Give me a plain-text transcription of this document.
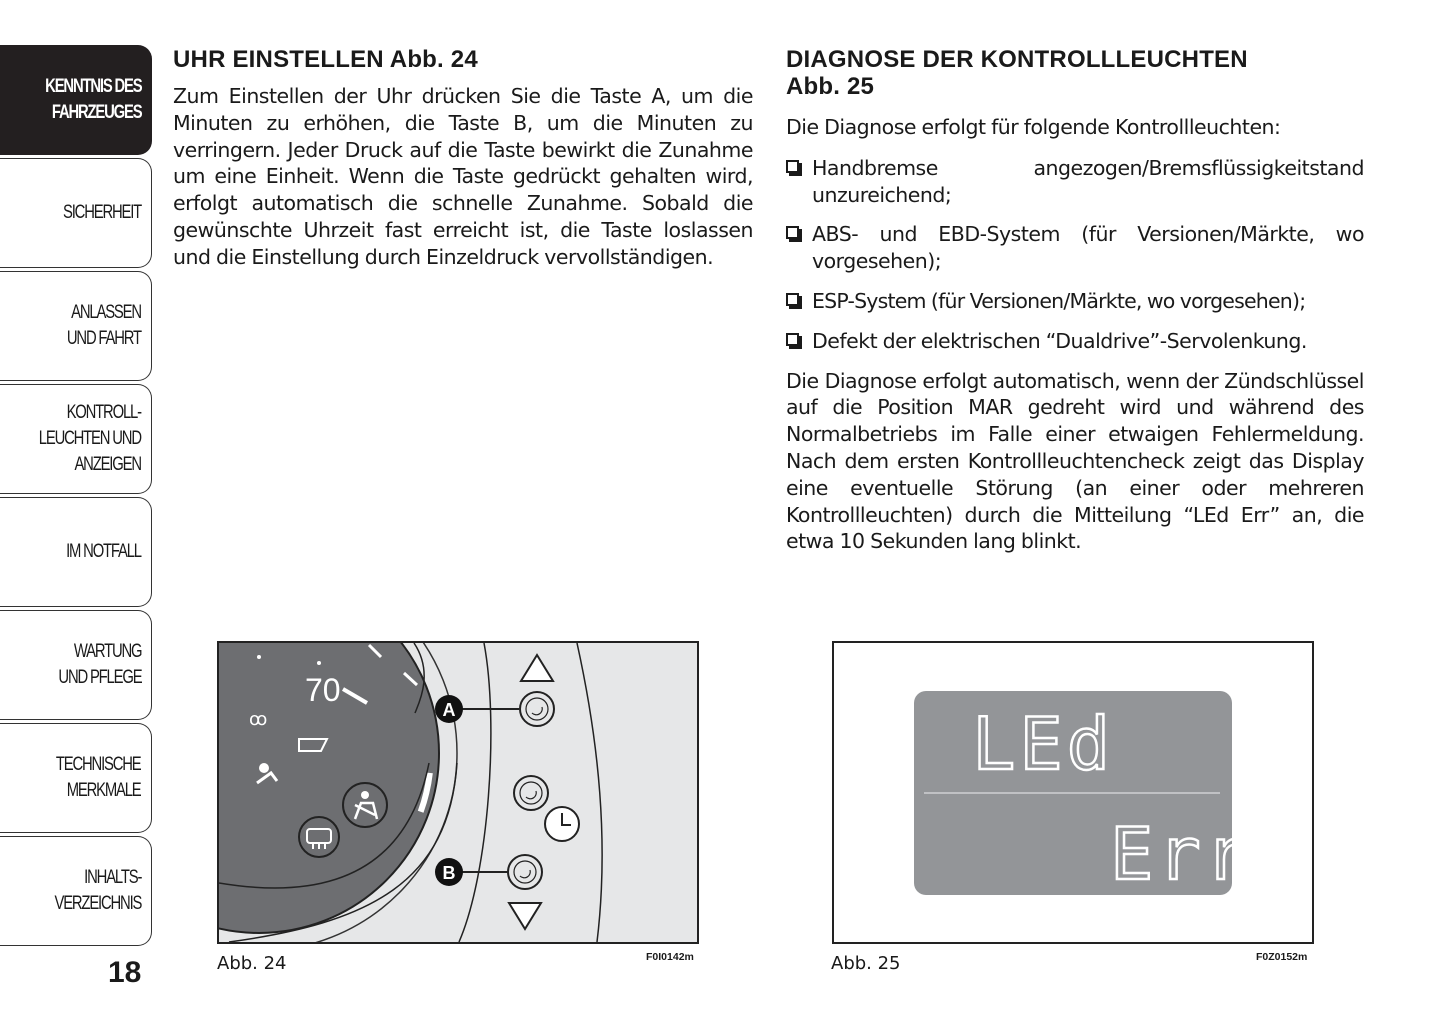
KENNTNIS DES
FAHRZEUGES
SICHERHEIT
ANLASSEN
UND FAHRT
KONTROLL-
LEUCHTEN UND
ANZEIGEN
IM NOTFALL
WARTUNG
UND PFLEGE
TECHNISCHE
MERKMALE
INHALTS-
VERZEICHNIS
18
UHR EINSTELLEN Abb. 24

Zum Einstellen der Uhr drücken Sie die Taste A, um die Minuten zu erhöhen, die Taste B, um die Minuten zu verringern. Jeder Druck auf die Taste bewirkt die Zunahme um eine Einheit. Wenn die Taste gedrückt gehalten wird, erfolgt automatisch die schnelle Zunahme. Sobald die gewünschte Uhrzeit fast erreicht ist, die Taste loslassen und die Einstellung durch Einzeldruck vervollständigen.

DIAGNOSE DER KONTROLLLEUCHTEN Abb. 25

Die Diagnose erfolgt für folgende Kontrollleuchten:

Handbremse angezogen/Bremsflüssigkeitstand unzureichend;
ABS- und EBD-System (für Versionen/Märkte, wo vorgesehen);
ESP-System (für Versionen/Märkte, wo vorgesehen);
Defekt der elektrischen “Dualdrive”-Servolenkung.

Die Diagnose erfolgt automatisch, wenn der Zündschlüssel auf die Position MAR gedreht wird und während des Normalbetriebs im Falle einer etwaigen Fehlermeldung. Nach dem ersten Kontrollleuchtencheck zeigt das Display eine eventuelle Störung (an einer oder mehreren Kontrollleuchten) durch die Mitteilung “LEd Err” an, die etwa 10 Sekunden lang blinkt.

70
ꝏ	A
B
Abb. 24	F0I0142m
LEd
Err
Abb. 25	F0Z0152m
